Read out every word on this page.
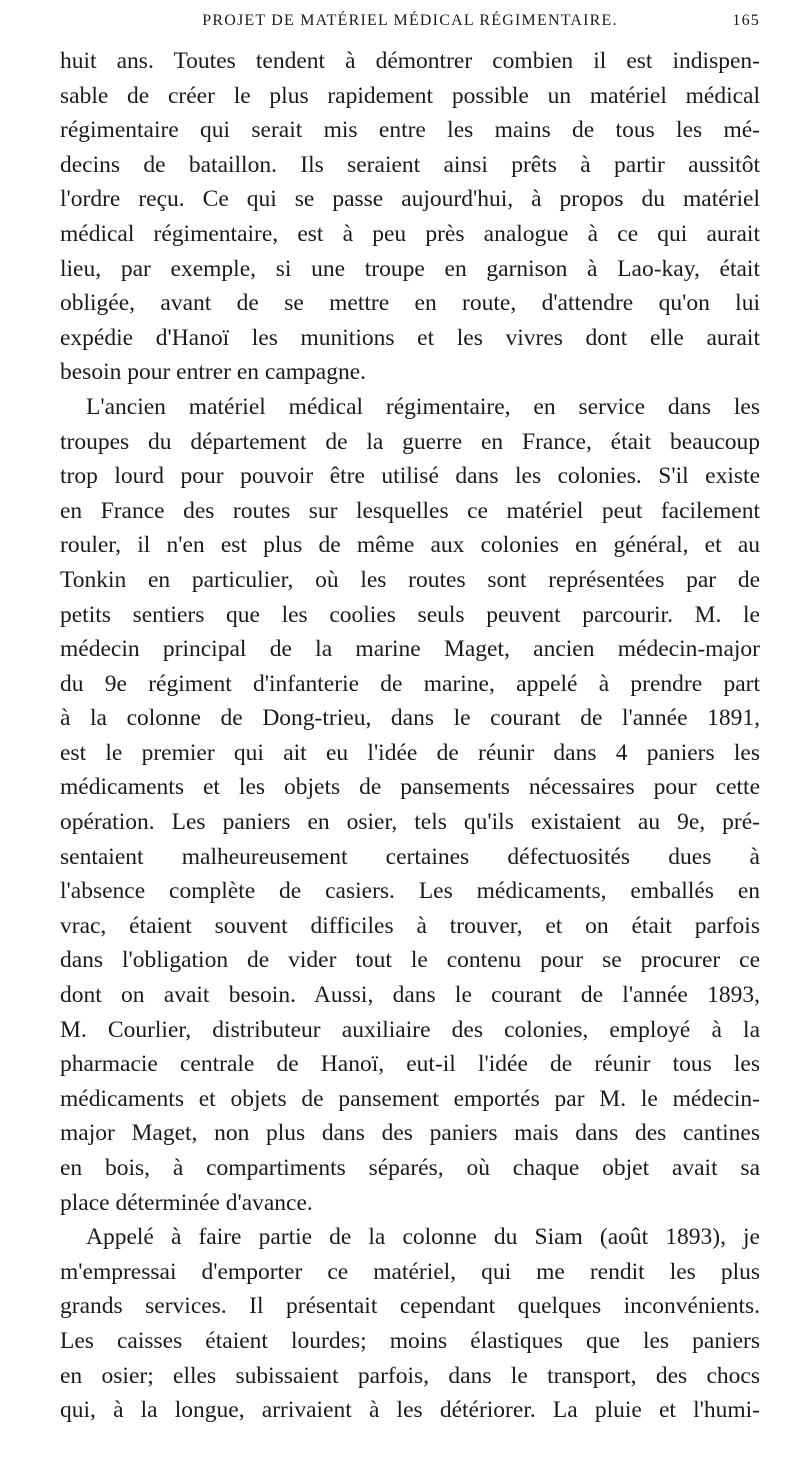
PROJET DE MATÉRIEL MÉDICAL RÉGIMENTAIRE.	165
huit ans. Toutes tendent à démontrer combien il est indispen-
sable de créer le plus rapidement possible un matériel médical
régimentaire qui serait mis entre les mains de tous les mé-
decins de bataillon. Ils seraient ainsi prêts à partir aussitôt
l'ordre reçu. Ce qui se passe aujourd'hui, à propos du matériel
médical régimentaire, est à peu près analogue à ce qui aurait
lieu, par exemple, si une troupe en garnison à Lao-kay, était
obligée, avant de se mettre en route, d'attendre qu'on lui
expédie d'Hanoï les munitions et les vivres dont elle aurait
besoin pour entrer en campagne.
L'ancien matériel médical régimentaire, en service dans les
troupes du département de la guerre en France, était beaucoup
trop lourd pour pouvoir être utilisé dans les colonies. S'il existe
en France des routes sur lesquelles ce matériel peut facilement
rouler, il n'en est plus de même aux colonies en général, et au
Tonkin en particulier, où les routes sont représentées par de
petits sentiers que les coolies seuls peuvent parcourir. M. le
médecin principal de la marine Maget, ancien médecin-major
du 9e régiment d'infanterie de marine, appelé à prendre part
à la colonne de Dong-trieu, dans le courant de l'année 1891,
est le premier qui ait eu l'idée de réunir dans 4 paniers les
médicaments et les objets de pansements nécessaires pour cette
opération. Les paniers en osier, tels qu'ils existaient au 9e, pré-
sentaient malheureusement certaines défectuosités dues à
l'absence complète de casiers. Les médicaments, emballés en
vrac, étaient souvent difficiles à trouver, et on était parfois
dans l'obligation de vider tout le contenu pour se procurer ce
dont on avait besoin. Aussi, dans le courant de l'année 1893,
M. Courlier, distributeur auxiliaire des colonies, employé à la
pharmacie centrale de Hanoï, eut-il l'idée de réunir tous les
médicaments et objets de pansement emportés par M. le médecin-
major Maget, non plus dans des paniers mais dans des cantines
en bois, à compartiments séparés, où chaque objet avait sa
place déterminée d'avance.
Appelé à faire partie de la colonne du Siam (août 1893), je
m'empressai d'emporter ce matériel, qui me rendit les plus
grands services. Il présentait cependant quelques inconvénients.
Les caisses étaient lourdes; moins élastiques que les paniers
en osier; elles subissaient parfois, dans le transport, des chocs
qui, à la longue, arrivaient à les détériorer. La pluie et l'humi-
